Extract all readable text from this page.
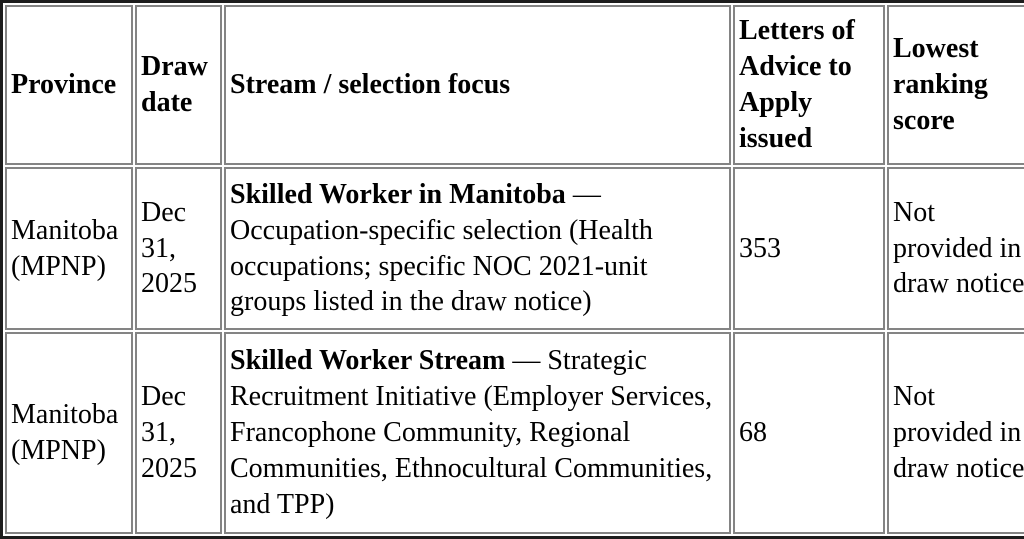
Province	Draw date	Stream / selection focus	Letters of Advice to Apply issued	Lowest ranking score
Manitoba (MPNP)	Dec 31, 2025	Skilled Worker in Manitoba — Occupation-specific selection (Health occupations; specific NOC 2021-unit groups listed in the draw notice)	353	Not provided in draw notice
Manitoba (MPNP)	Dec 31, 2025	Skilled Worker Stream — Strategic Recruitment Initiative (Employer Services, Francophone Community, Regional Communities, Ethnocultural Communities, and TPP)	68	Not provided in draw notice
